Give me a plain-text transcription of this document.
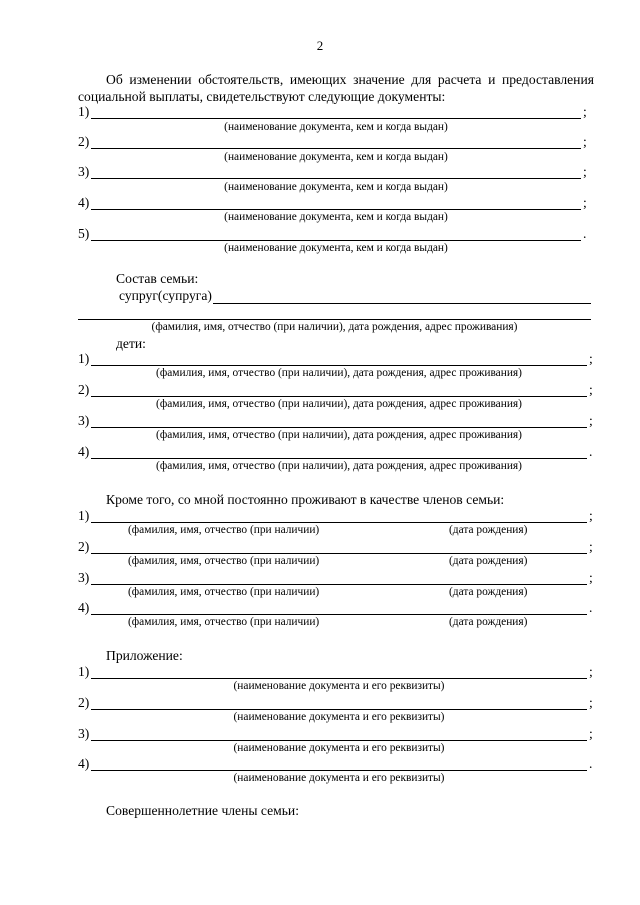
2
Об изменении обстоятельств, имеющих значение для расчета и предоставления
социальной выплаты, свидетельствуют следующие документы:
1)	;
(наименование документа, кем и когда выдан)
2)	;
(наименование документа, кем и когда выдан)
3)	;
(наименование документа, кем и когда выдан)
4)	;
(наименование документа, кем и когда выдан)
5)	.
(наименование документа, кем и когда выдан)
Состав семьи:
супруг(супруга)
(фамилия, имя, отчество (при наличии), дата рождения, адрес проживания)
дети:
1)	;
(фамилия, имя, отчество (при наличии), дата рождения, адрес проживания)
2)	;
(фамилия, имя, отчество (при наличии), дата рождения, адрес проживания)
3)	;
(фамилия, имя, отчество (при наличии), дата рождения, адрес проживания)
4)	.
(фамилия, имя, отчество (при наличии), дата рождения, адрес проживания)
Кроме того, со мной постоянно проживают в качестве членов семьи:
1)	;
(фамилия, имя, отчество (при наличии)	(дата рождения)
2)	;
(фамилия, имя, отчество (при наличии)	(дата рождения)
3)	;
(фамилия, имя, отчество (при наличии)	(дата рождения)
4)	.
(фамилия, имя, отчество (при наличии)	(дата рождения)
Приложение:
1)	;
(наименование документа и его реквизиты)
2)	;
(наименование документа и его реквизиты)
3)	;
(наименование документа и его реквизиты)
4)	.
(наименование документа и его реквизиты)
Совершеннолетние члены семьи:
